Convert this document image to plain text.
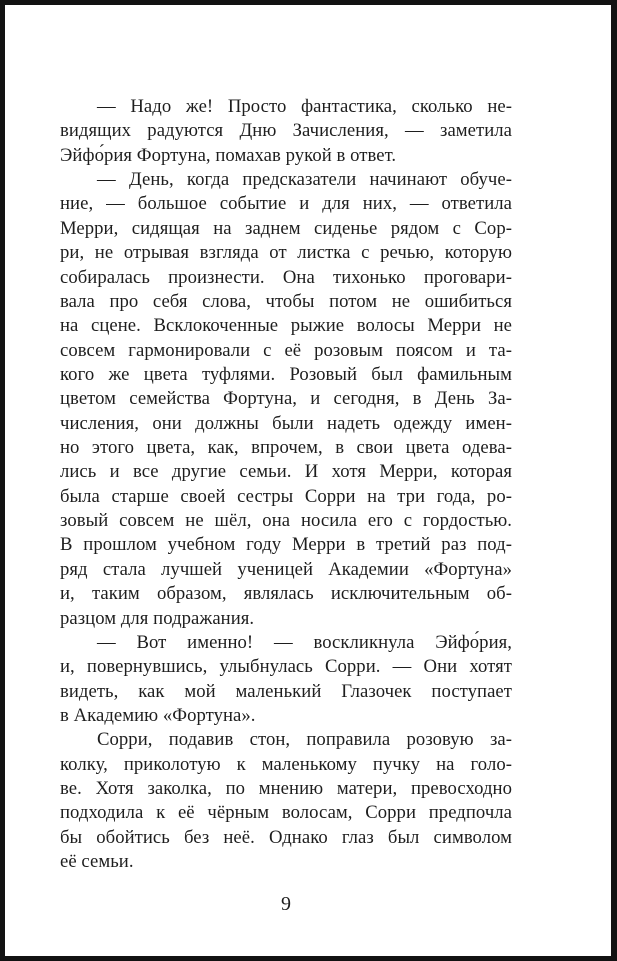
— Надо же! Просто фантастика, сколько не-
видящих радуются Дню Зачисления, — заметила
Эйфо́рия Фортуна, помахав рукой в ответ.
— День, когда предсказатели начинают обуче-
ние, — большое событие и для них, — ответила
Мерри, сидящая на заднем сиденье рядом с Сор-
ри, не отрывая взгляда от листка с речью, которую
собиралась произнести. Она тихонько проговари-
вала про себя слова, чтобы потом не ошибиться
на сцене. Всклокоченные рыжие волосы Мерри не
совсем гармонировали с её розовым поясом и та-
кого же цвета туфлями. Розовый был фамильным
цветом семейства Фортуна, и сегодня, в День За-
числения, они должны были надеть одежду имен-
но этого цвета, как, впрочем, в свои цвета одева-
лись и все другие семьи. И хотя Мерри, которая
была старше своей сестры Сорри на три года, ро-
зовый совсем не шёл, она носила его с гордостью.
В прошлом учебном году Мерри в третий раз под-
ряд стала лучшей ученицей Академии «Фортуна»
и, таким образом, являлась исключительным об-
разцом для подражания.
— Вот именно! — воскликнула Эйфо́рия,
и, повернувшись, улыбнулась Сорри. — Они хотят
видеть, как мой маленький Глазочек поступает
в Академию «Фортуна».
Сорри, подавив стон, поправила розовую за-
колку, приколотую к маленькому пучку на голо-
ве. Хотя заколка, по мнению матери, превосходно
подходила к её чёрным волосам, Сорри предпочла
бы обойтись без неё. Однако глаз был символом
её семьи.
9
